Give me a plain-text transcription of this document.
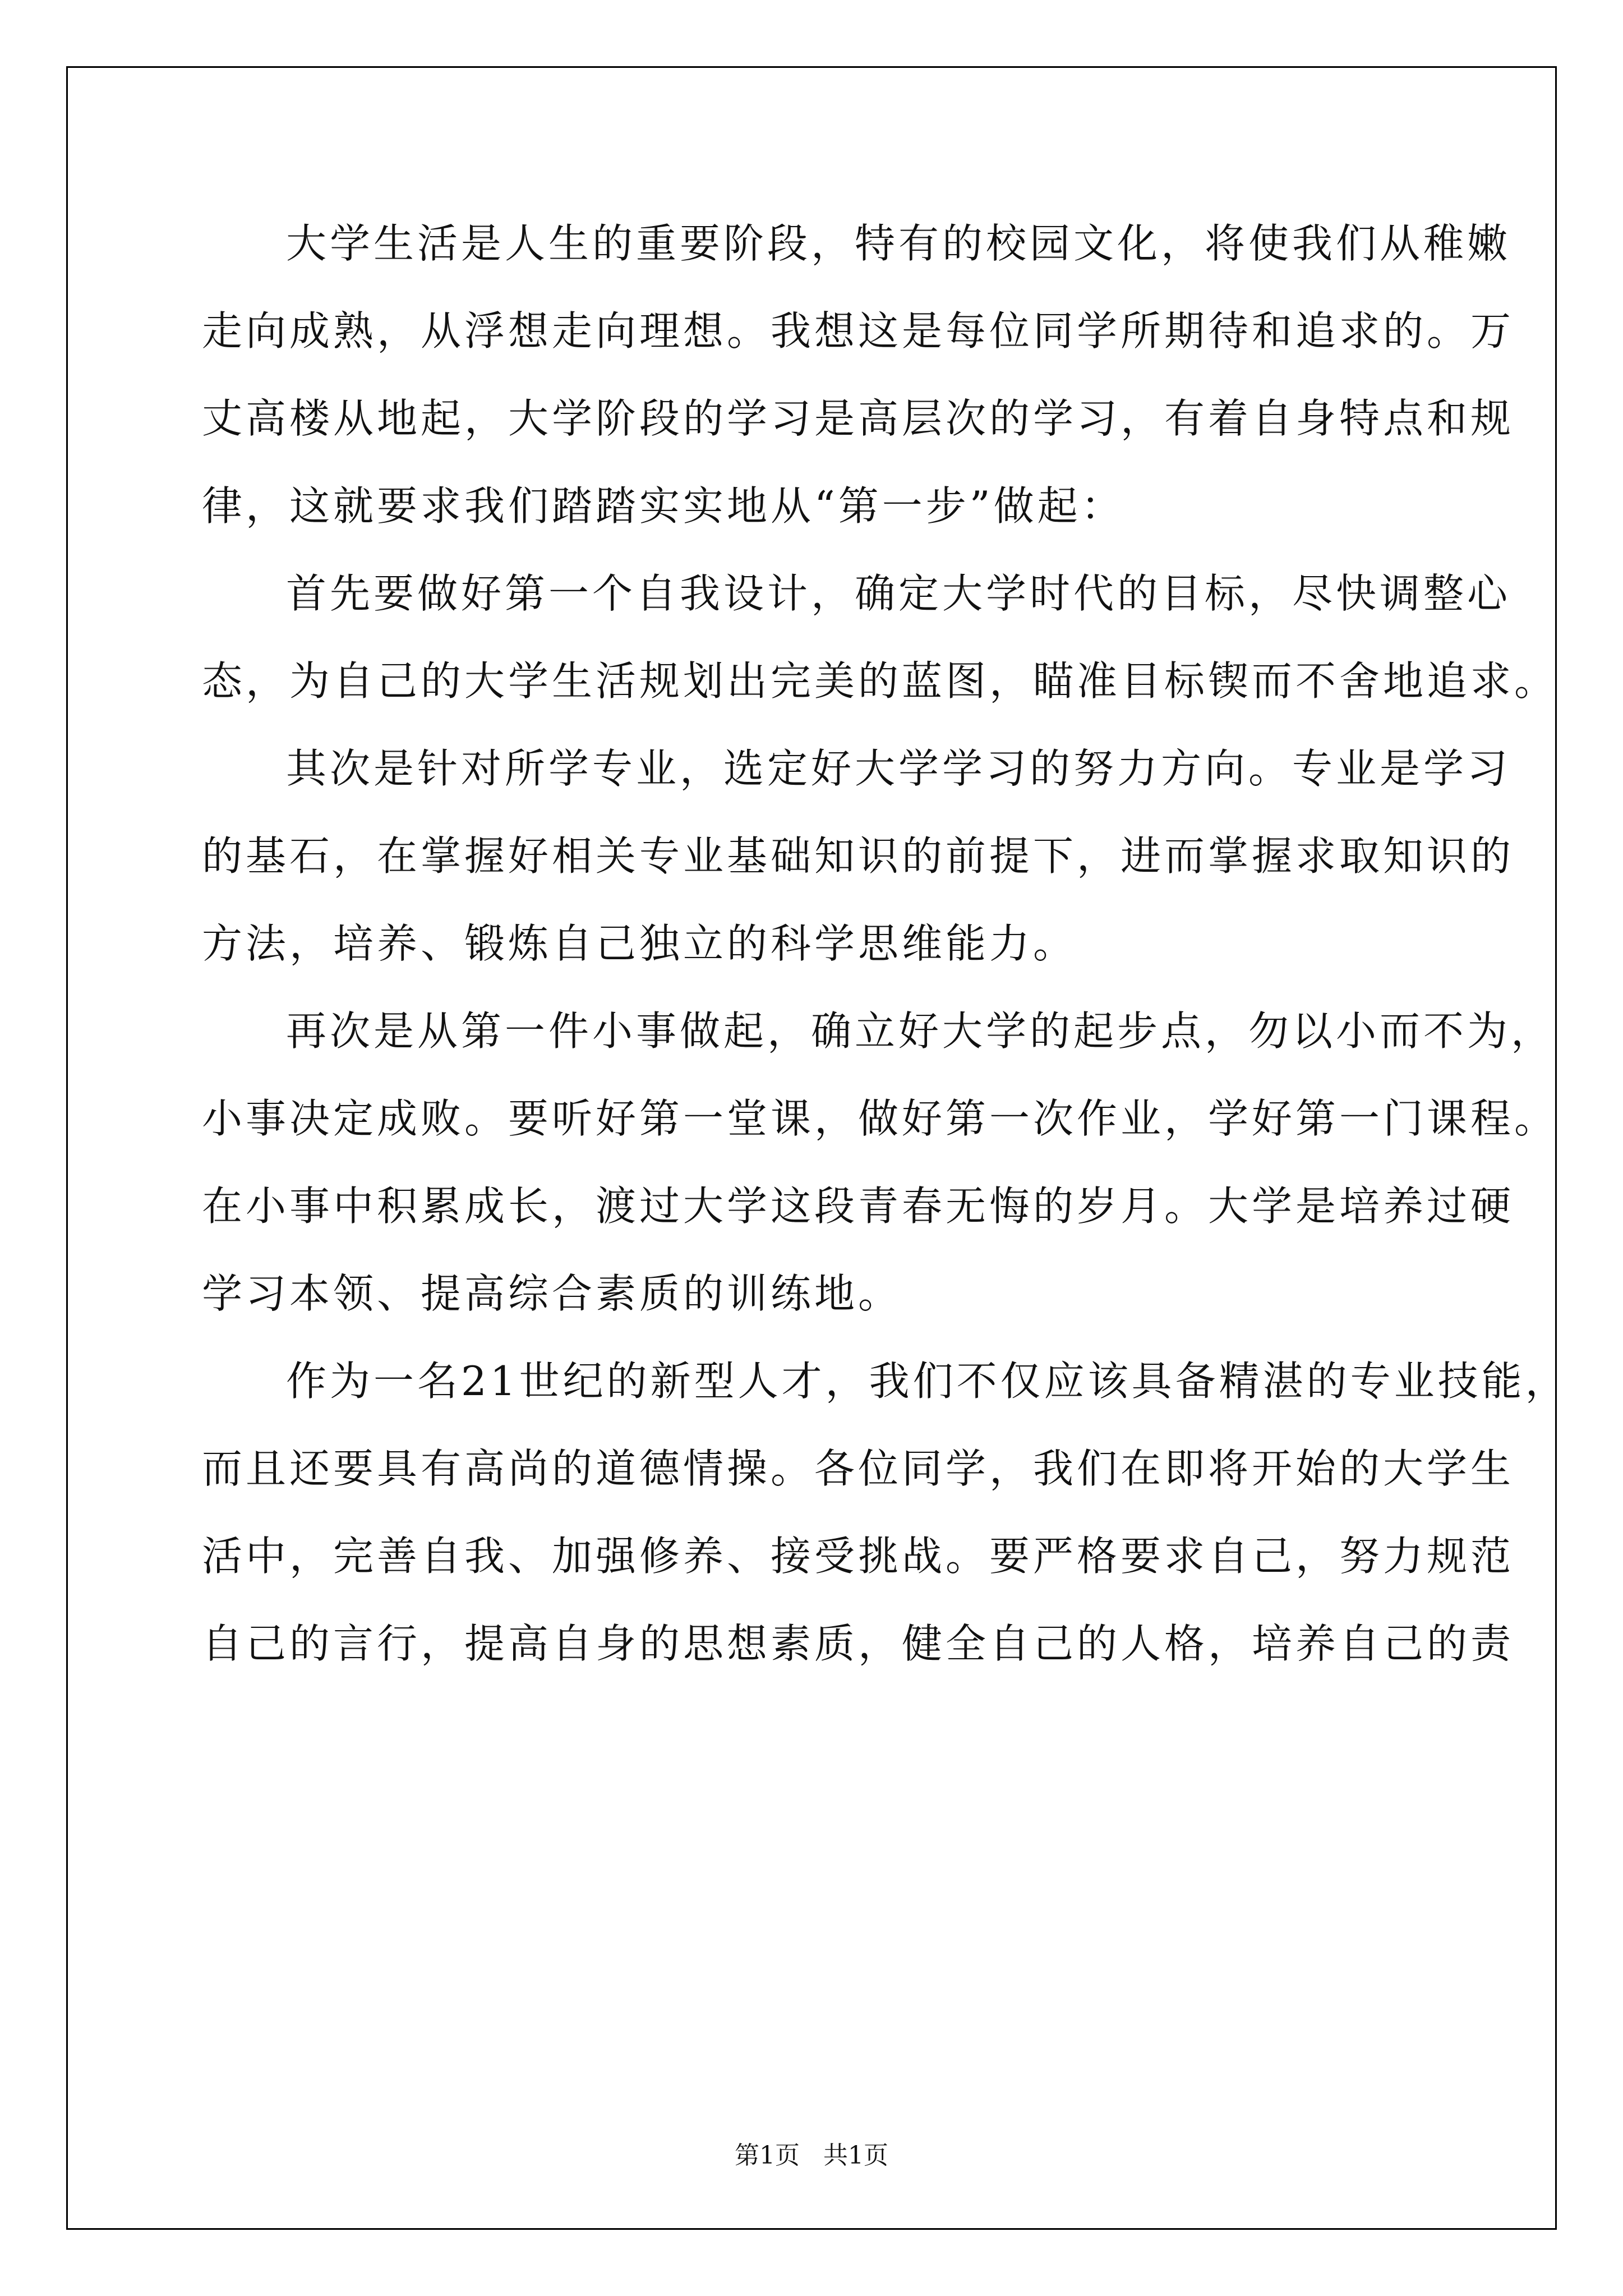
大学生活是人生的重要阶段，特有的校园文化，将使我们从稚嫩
走向成熟，从浮想走向理想。我想这是每位同学所期待和追求的。万
丈高楼从地起，大学阶段的学习是高层次的学习，有着自身特点和规
律，这就要求我们踏踏实实地从“第一步”做起：
首先要做好第一个自我设计，确定大学时代的目标，尽快调整心
态，为自己的大学生活规划出完美的蓝图，瞄准目标锲而不舍地追求。
其次是针对所学专业，选定好大学学习的努力方向。专业是学习
的基石，在掌握好相关专业基础知识的前提下，进而掌握求取知识的
方法，培养、锻炼自己独立的科学思维能力。
再次是从第一件小事做起，确立好大学的起步点，勿以小而不为，
小事决定成败。要听好第一堂课，做好第一次作业，学好第一门课程。
在小事中积累成长，渡过大学这段青春无悔的岁月。大学是培养过硬
学习本领、提高综合素质的训练地。
作为一名21世纪的新型人才，我们不仅应该具备精湛的专业技能，
而且还要具有高尚的道德情操。各位同学，我们在即将开始的大学生
活中，完善自我、加强修养、接受挑战。要严格要求自己，努力规范
自己的言行，提高自身的思想素质，健全自己的人格，培养自己的责
第1页   共1页
